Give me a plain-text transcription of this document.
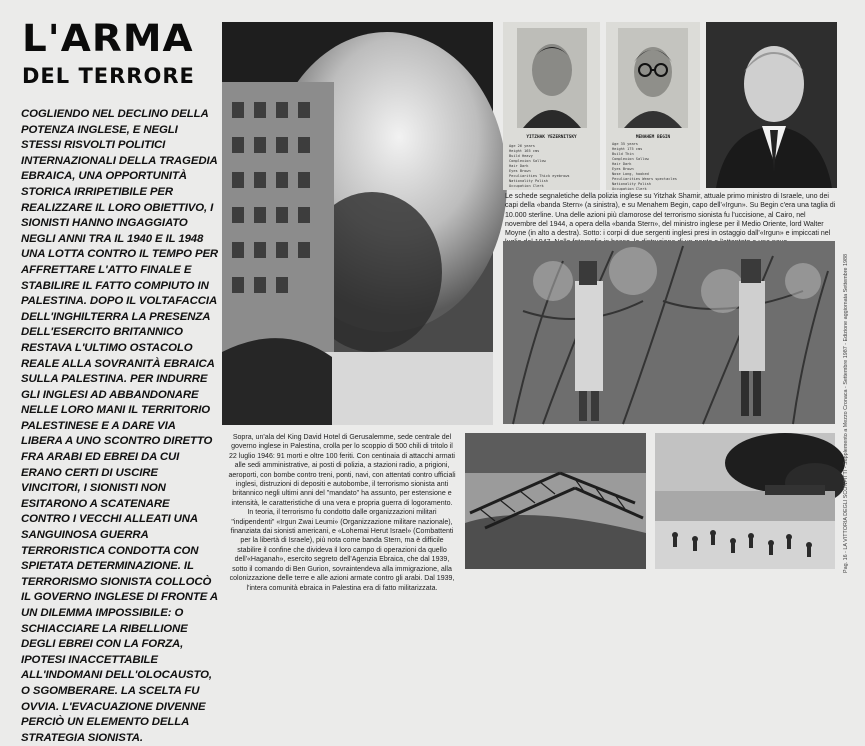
L'ARMA
DEL TERRORE
COGLIENDO NEL DECLINO DELLA POTENZA INGLESE, E NEGLI STESSI RISVOLTI POLITICI INTERNAZIONALI DELLA TRAGEDIA EBRAICA, UNA OPPORTUNITÀ STORICA IRRIPETIBILE PER REALIZZARE IL LORO OBIETTIVO, I SIONISTI HANNO INGAGGIATO NEGLI ANNI TRA IL 1940 E IL 1948 UNA LOTTA CONTRO IL TEMPO PER AFFRETTARE L'ATTO FINALE E STABILIRE IL FATTO COMPIUTO IN PALESTINA. DOPO IL VOLTAFACCIA DELL'INGHILTERRA LA PRESENZA DELL'ESERCITO BRITANNICO RESTAVA L'ULTIMO OSTACOLO REALE ALLA SOVRANITÀ EBRAICA SULLA PALESTINA. PER INDURRE GLI INGLESI AD ABBANDONARE NELLE LORO MANI IL TERRITORIO PALESTINESE E A DARE VIA LIBERA A UNO SCONTRO DIRETTO FRA ARABI ED EBREI DA CUI ERANO CERTI DI USCIRE VINCITORI, I SIONISTI NON ESITARONO A SCATENARE CONTRO I VECCHI ALLEATI UNA SANGUINOSA GUERRA TERRORISTICA CONDOTTA CON SPIETATA DETERMINAZIONE. IL TERRORISMO SIONISTA COLLOCÒ IL GOVERNO INGLESE DI FRONTE A UN DILEMMA IMPOSSIBILE: O SCHIACCIARE LA RIBELLIONE DEGLI EBREI CON LA FORZA, IPOTESI INACCETTABILE ALL'INDOMANI DELL'OLOCAUSTO, O SGOMBERARE. LA SCELTA FU OVVIA. L'EVACUAZIONE DIVENNE PERCIÒ UN ELEMENTO DELLA STRATEGIA SIONISTA.
YITZHAK YEZERNITSKY
Age 26 years
Height 165 cms
Build Heavy
Complexion Sallow
Hair Dark
Eyes Brown
Peculiarities Thick eyebrows
Nationality Polish
Occupation Clerk
MENAHEM BEGIN
Age 35 years
Height 175 cms
Build Thin
Complexion Sallow
Hair Dark
Eyes Brown
Nose Long, hooked
Peculiarities Wears spectacles
Nationality Polish
Occupation Clerk
Le schede segnaletiche della polizia inglese su Yitzhak Shamir, attuale primo ministro di Israele, uno dei capi della «banda Stern» (a sinistra), e su Menahem Begin, capo dell'«Irgun». Su Begin c'era una taglia di 10.000 sterline. Una delle azioni più clamorose del terrorismo sionista fu l'uccisione, al Cairo, nel novembre del 1944, a opera della «banda Stern», del ministro inglese per il Medio Oriente, lord Walter Moyne (in alto a destra). Sotto: i corpi di due sergenti inglesi presi in ostaggio dall'«Irgun» e impiccati nel
Sopra, un'ala del King David Hotel di Gerusalemme, sede centrale del governo inglese in Palestina, crolla per lo scoppio di 500 chili di tritolo il 22 luglio 1946: 91 morti e oltre 100 feriti. Con centinaia di attacchi armati alle sedi amministrative, ai posti di polizia, a stazioni radio, a prigioni, aeroporti, con bombe contro treni, ponti, navi, con attentati contro ufficiali inglesi, distruzioni di depositi e autobombe, il terrorismo sionista anti britannico negli ultimi anni del "mandato" ha assunto, per estensione e intensità, le caratteristiche di una vera e propria guerra di logoramento. In teoria, il terrorismo fu condotto dalle organizzazioni militari "indipendenti" «Irgun Zwai Leumi» (Organizzazione militare nazionale), finanziata dai sionisti americani, e «Lohemai Herut Israel» (Combattenti per la libertà di Israele), più nota come banda Stern, ma è difficile stabilire il confine che divideva il loro campo di operazioni da quello dell'«Haganah», esercito segreto dell'Agenzia Ebraica, che dal 1939, sotto il comando di Ben Gurion, sovraintendeva alla immigrazione, alla colonizzazione delle terre e alle azioni armate contro gli arabi. Dal 1939, l'intera comunità ebraica in Palestina era di fatto militarizzata.
Pag. 16 - LA VITTORIA DEGLI SCONFITTI - Supplemento a Mezzo Cronaca - Settembre 1987 - Edizione aggiornata Settembre 1988
